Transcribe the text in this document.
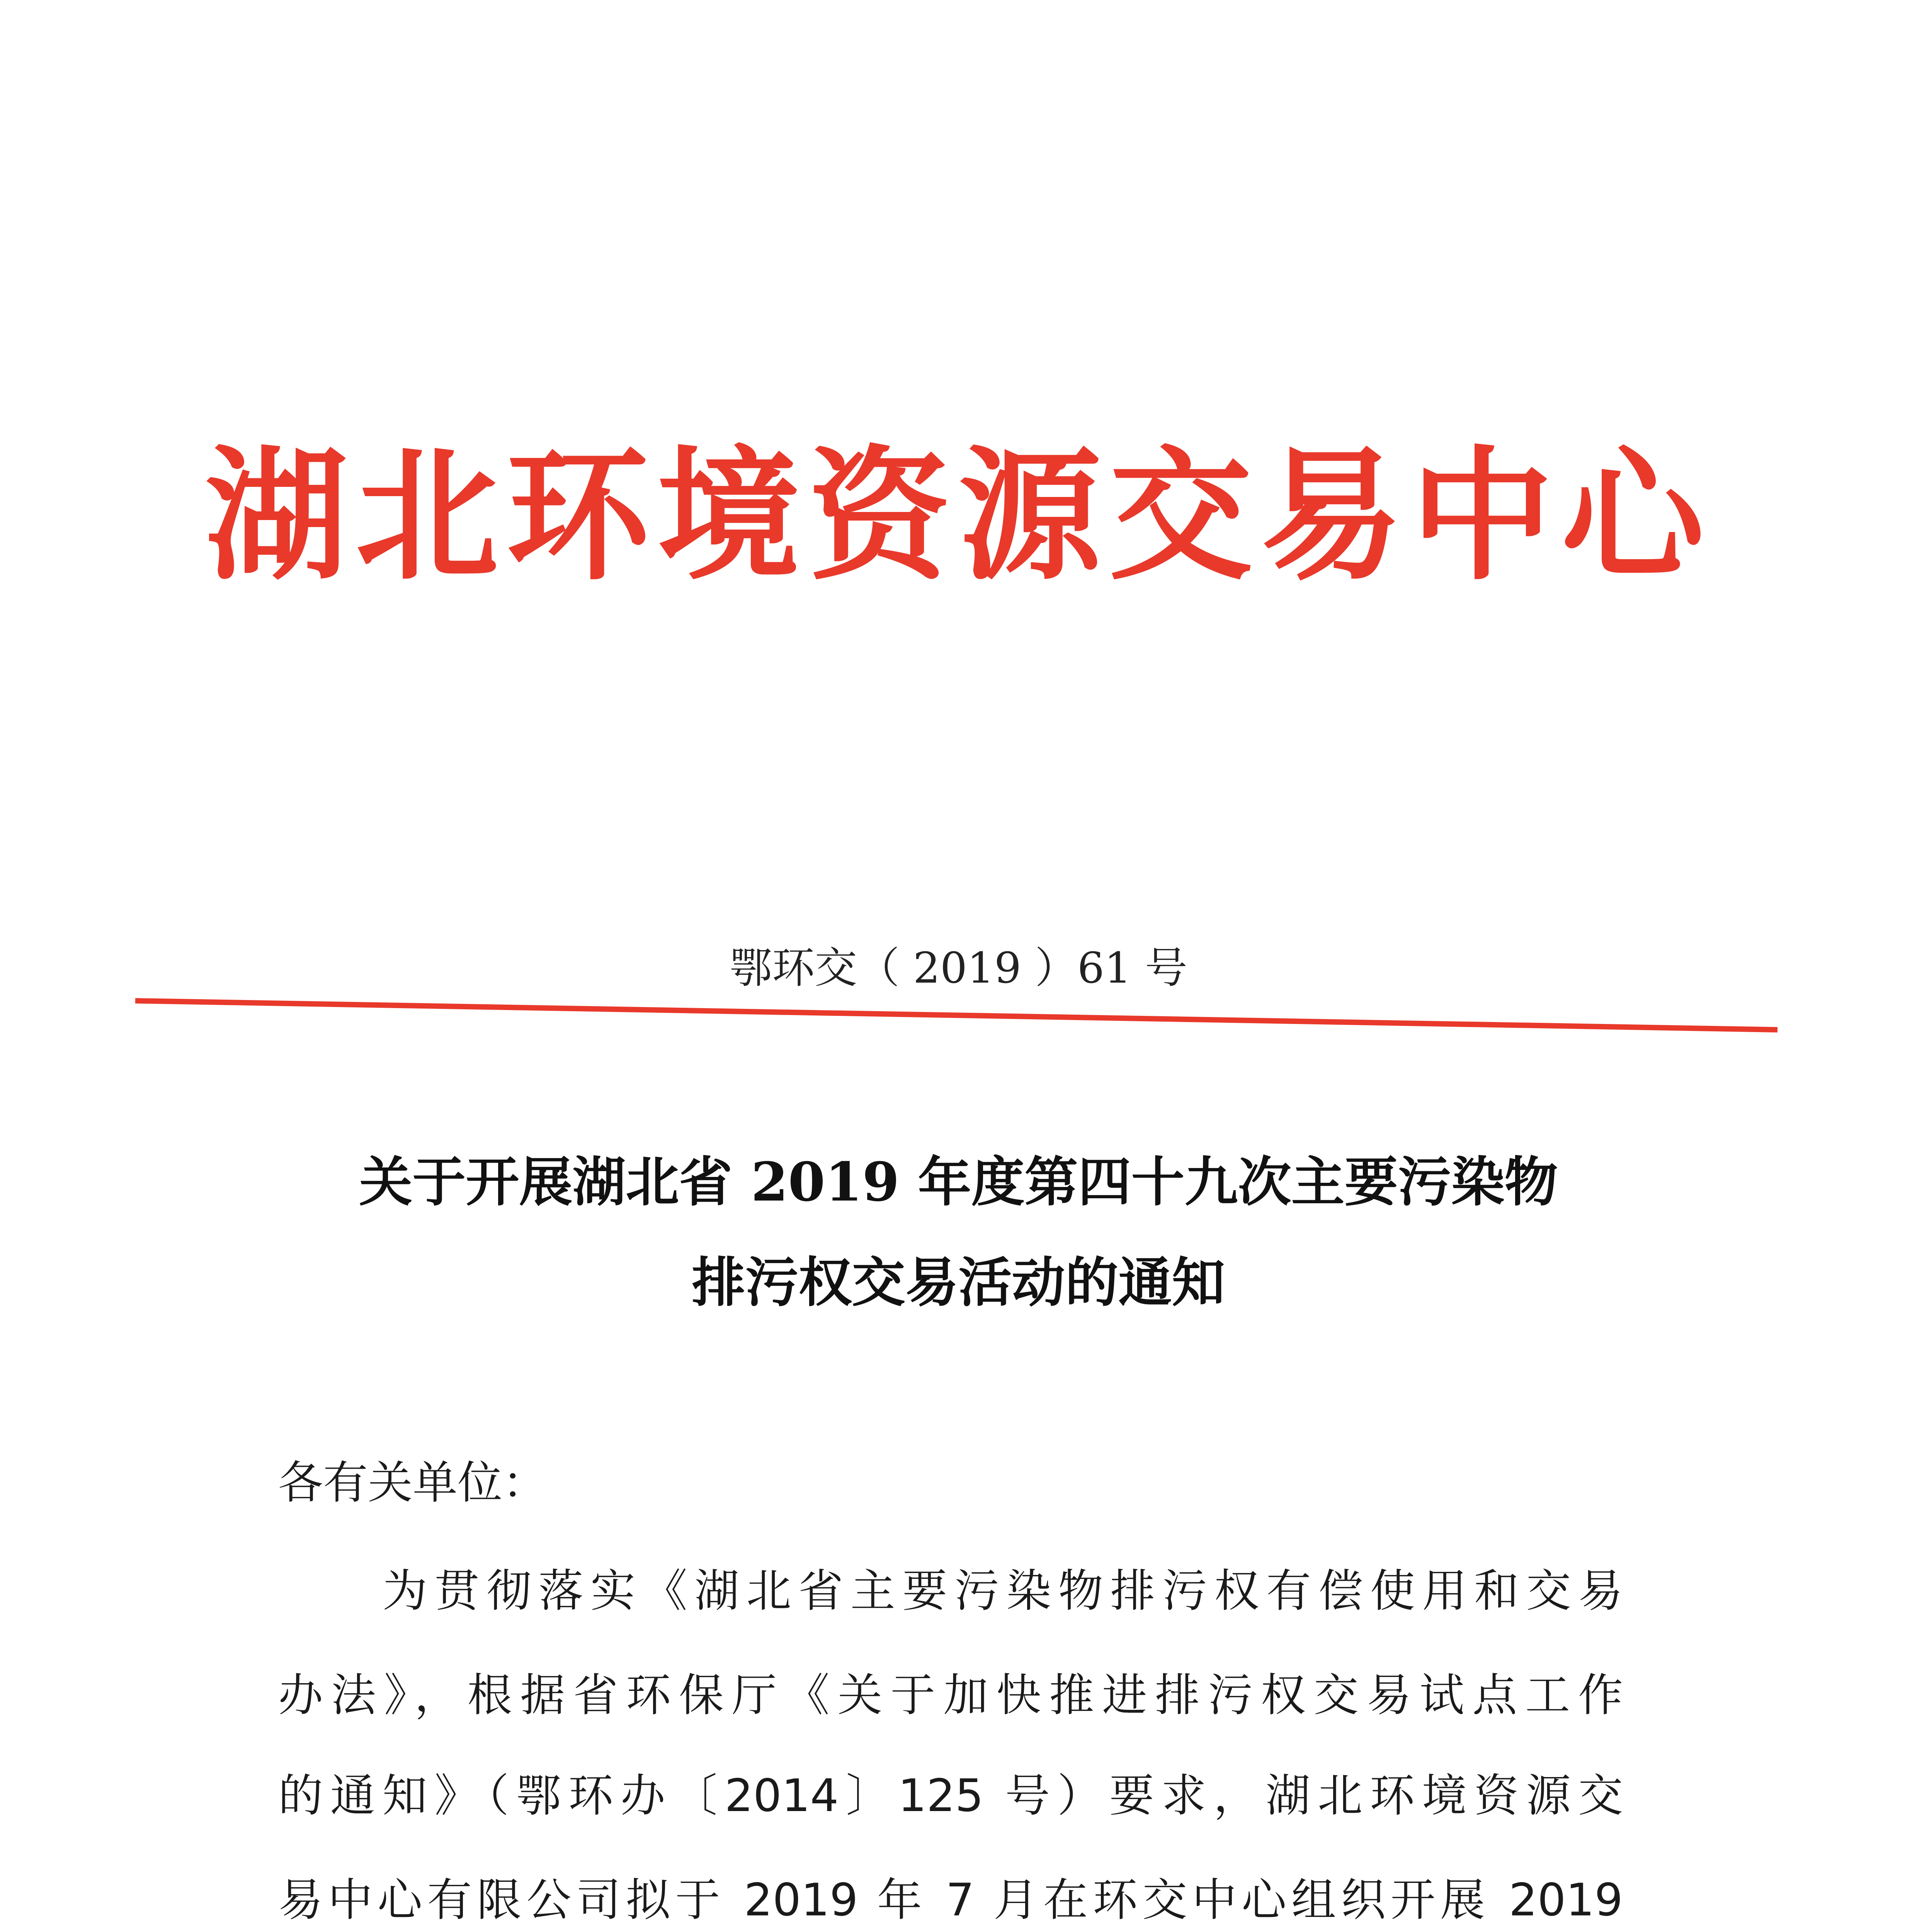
湖北环境资源交易中心
鄂环交（ 2019 ）61 号
关于开展湖北省 2019 年度第四十九次主要污染物
排污权交易活动的通知
各有关单位：
为贯彻落实《湖北省主要污染物排污权有偿使用和交易
办法》，根据省环保厅《关于加快推进排污权交易试点工作
的通知》（鄂环办〔2014〕125 号）要求，湖北环境资源交
易中心有限公司拟于 2019 年 7 月在环交中心组织开展 2019
